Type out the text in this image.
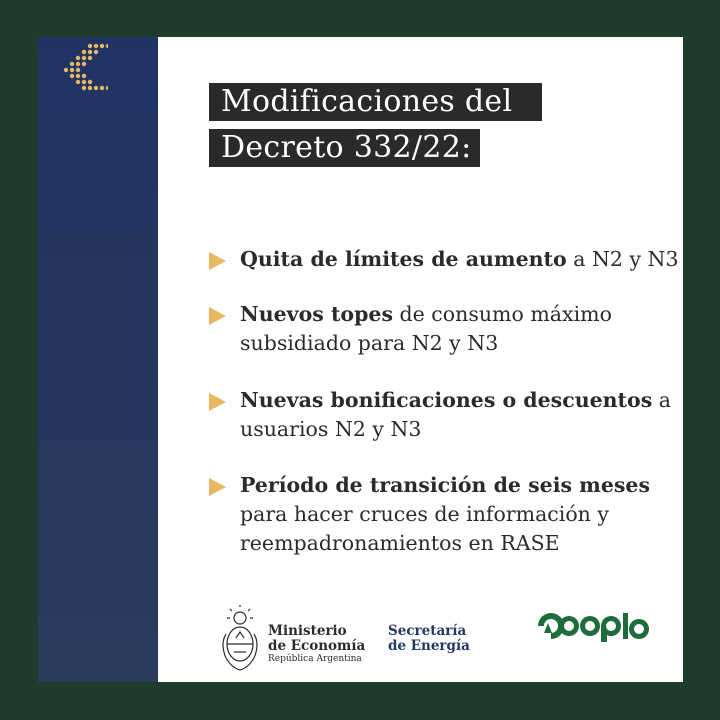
Modificaciones del
Decreto 332/22:
Quita de límites de aumento a N2 y N3
Nuevos topes de consumo máximo subsidiado para N2 y N3
Nuevas bonificaciones o descuentos a usuarios N2 y N3
Período de transición de seis meses para hacer cruces de información y reempadronamientos en RASE
Ministerio
de Economía
República Argentina
Secretaría
de Energía
